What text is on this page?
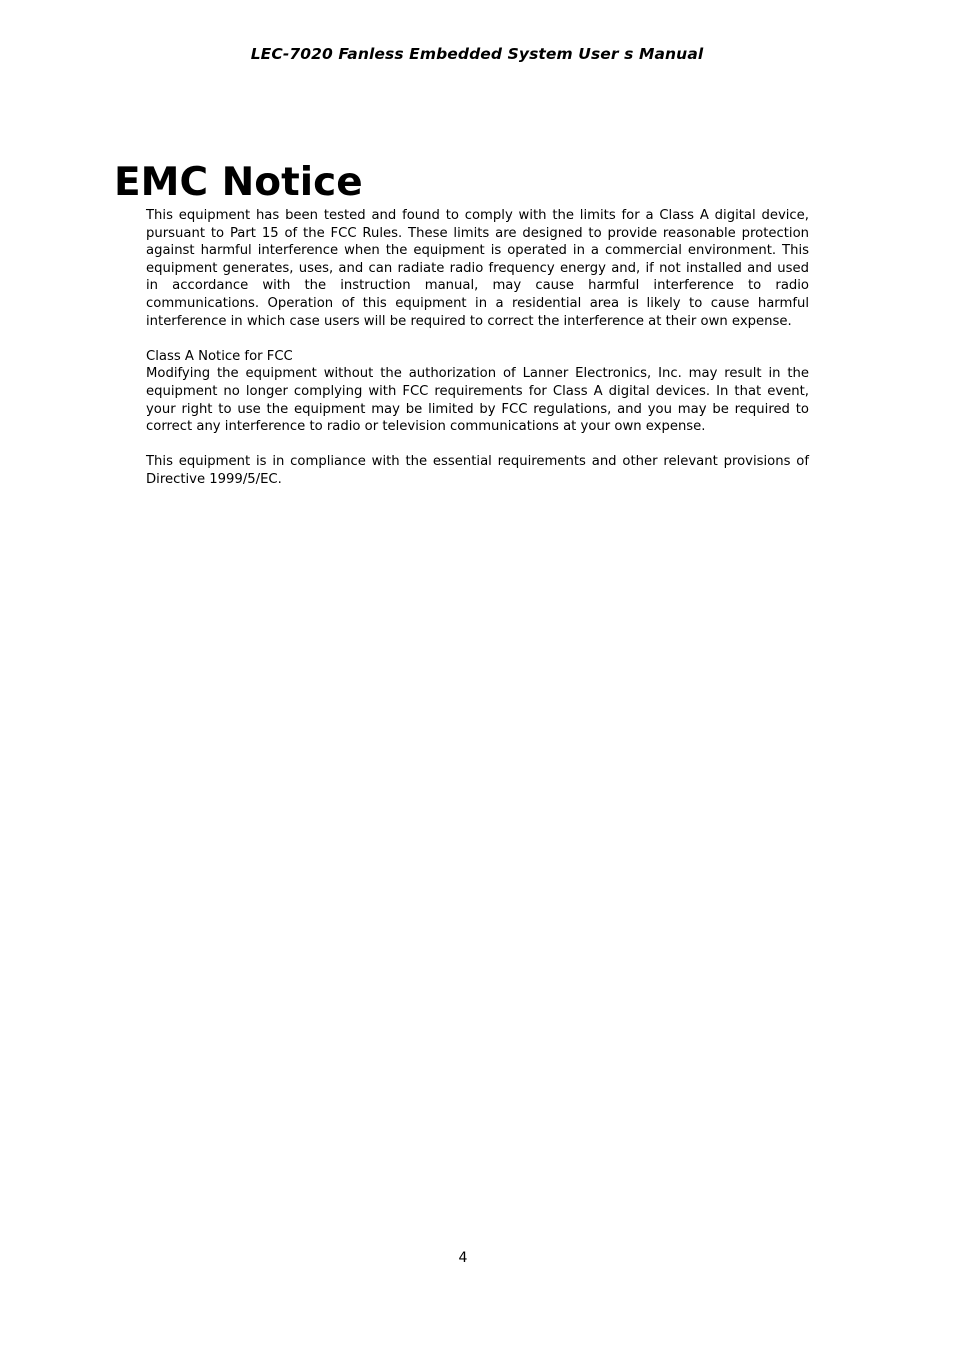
LEC-7020 Fanless Embedded System User s Manual
EMC Notice

This equipment has been tested and found to comply with the limits for a Class A digital device, pursuant to Part 15 of the FCC Rules. These limits are designed to provide reasonable protection against harmful interference when the equipment is operated in a commercial environment. This equipment generates, uses, and can radiate radio frequency energy and, if not installed and used in accordance with the instruction manual, may cause harmful interference to radio communications. Operation of this equipment in a residential area is likely to cause harmful interference in which case users will be required to correct the interference at their own expense.

Class A Notice for FCC

Modifying the equipment without the authorization of Lanner Electronics, Inc. may result in the equipment no longer complying with FCC requirements for Class A digital devices. In that event, your right to use the equipment may be limited by FCC regulations, and you may be required to correct any interference to radio or television communications at your own expense.

This equipment is in compliance with the essential requirements and other relevant provisions of Directive 1999/5/EC.

4
